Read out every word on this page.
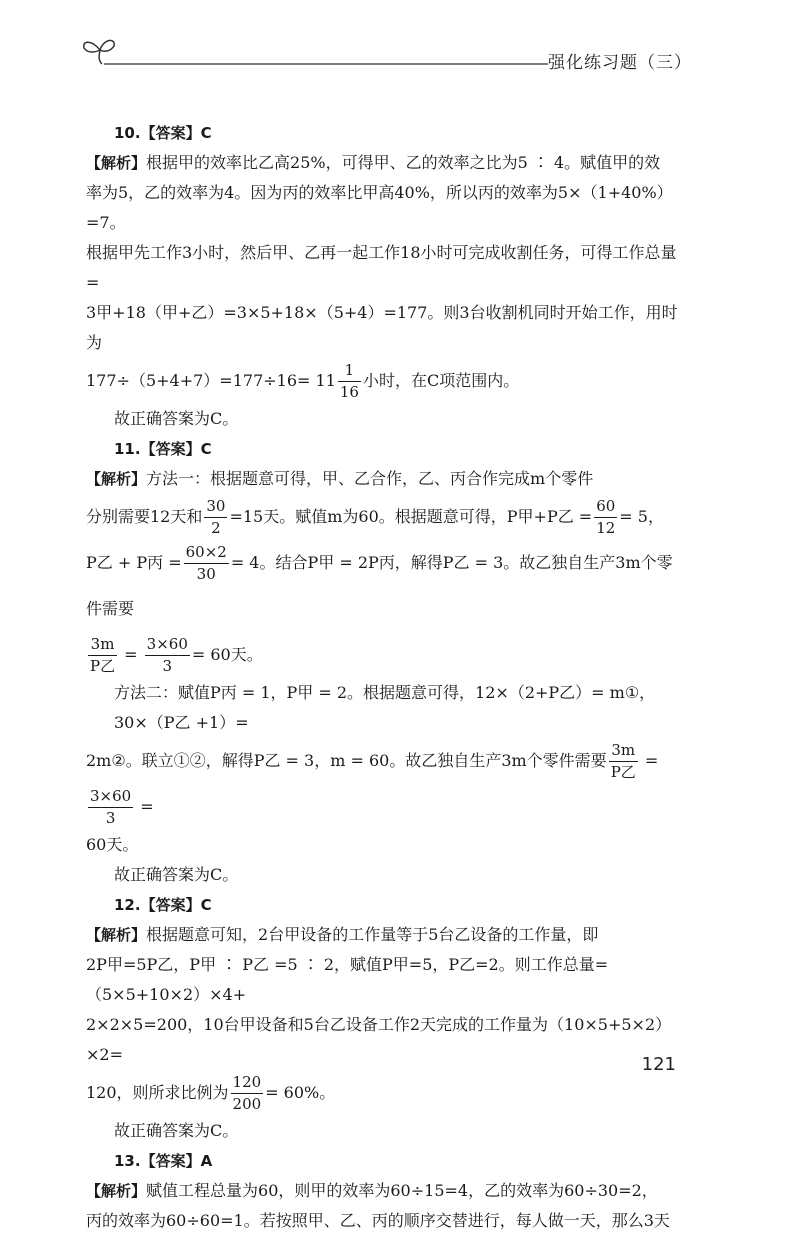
强化练习题（三）

10.【答案】C

【解析】根据甲的效率比乙高25%，可得甲、乙的效率之比为5 ∶ 4。赋值甲的效

率为5，乙的效率为4。因为丙的效率比甲高40%，所以丙的效率为5×（1+40%）=7。

根据甲先工作3小时，然后甲、乙再一起工作18小时可完成收割任务，可得工作总量=

3甲+18（甲+乙）=3×5+18×（5+4）=177。则3台收割机同时开始工作，用时为

$177\div(5+4+7)=177\div 16= 11 \frac{1}{16}$ 小时，在C项范围内。

故正确答案为C。

11.【答案】C

【解析】方法一：根据题意可得，甲、乙合作，乙、丙合作完成m个零件

分别需要12天和 $\frac{30}{2} =15$天。赋值m为60。根据题意可得，P甲+P乙 = $\frac{60}{12} = 5$，

P乙 + P丙 = $\frac{60\times 2}{30} = 4$。结合P甲 = 2P丙，解得P乙 = 3。故乙独自生产3m个零件需要

3m
P乙
= $\frac{3\times 60}{3} = 60$天。

方法二：赋值P丙 = 1，P甲 = 2。根据题意可得，12×（2+P乙）= m①，30×（P乙 +1）=

2m②。联立①②，解得P乙 = 3，m = 60。故乙独自生产3m个零件需要
3m
P乙
=
$\frac{3\times 60}{3}$ =

60天。

故正确答案为C。

12.【答案】C

【解析】根据题意可知，2台甲设备的工作量等于5台乙设备的工作量，即

2P甲=5P乙，P甲 ∶ P乙 =5 ∶ 2，赋值P甲=5，P乙=2。则工作总量=（5×5+10×2）×4+

2×2×5=200，10台甲设备和5台乙设备工作2天完成的工作量为（10×5+5×2）×2=

120，则所求比例为 $\frac{120}{200} = 60\%$。

故正确答案为C。

13.【答案】A

【解析】赋值工程总量为60，则甲的效率为60÷15=4，乙的效率为60÷30=2，

丙的效率为60÷60=1。若按照甲、乙、丙的顺序交替进行，每人做一天，那么3天

121
